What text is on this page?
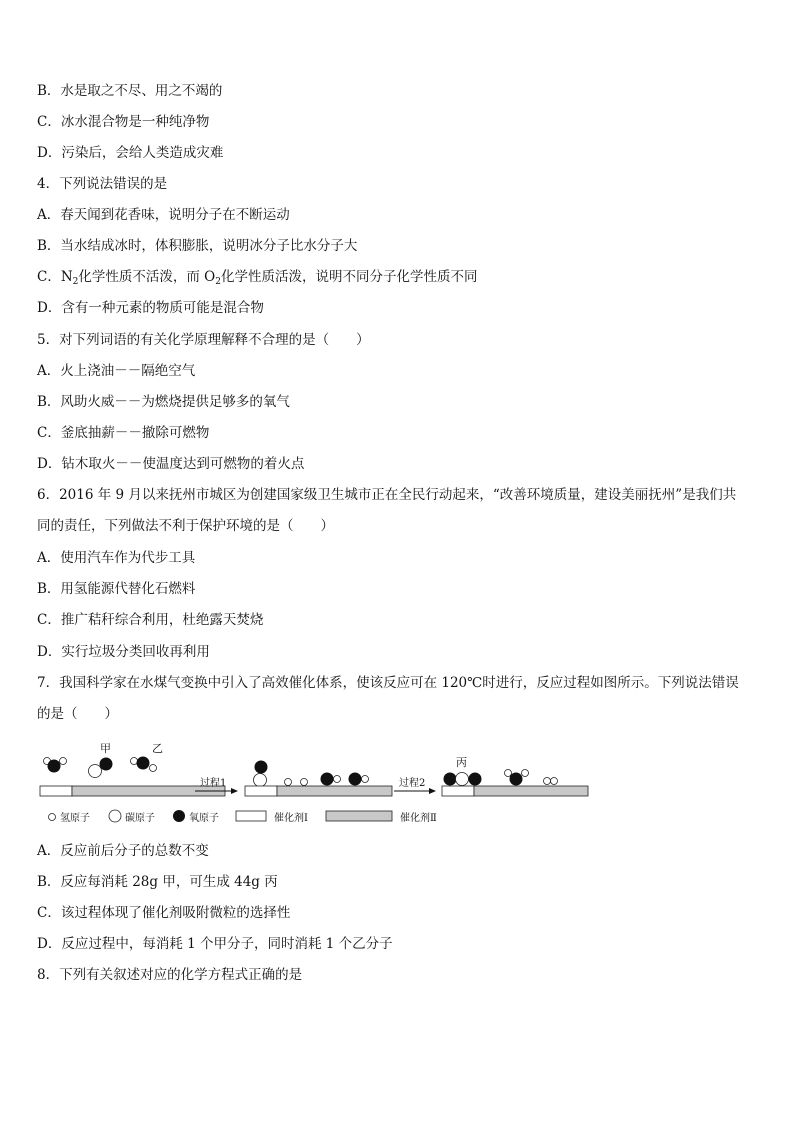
B．水是取之不尽、用之不竭的
C．冰水混合物是一种纯净物
D．污染后，会给人类造成灾难
4．下列说法错误的是
A．春天闻到花香味，说明分子在不断运动
B．当水结成冰时，体积膨胀，说明冰分子比水分子大
C．$N_2$化学性质不活泼，而 $O_2$化学性质活泼，说明不同分子化学性质不同
D．含有一种元素的物质可能是混合物
5．对下列词语的有关化学原理解释不合理的是（　　）
A．火上浇油－－隔绝空气
B．风助火威－－为燃烧提供足够多的氧气
C．釜底抽薪－－撤除可燃物
D．钻木取火－－使温度达到可燃物的着火点
6．2016 年 9 月以来抚州市城区为创建国家级卫生城市正在全民行动起来，“改善环境质量，建设美丽抚州”是我们共
同的责任，下列做法不利于保护环境的是（　　）
A．使用汽车作为代步工具
B．用氢能源代替化石燃料
C．推广秸秆综合利用，杜绝露天焚烧
D．实行垃圾分类回收再利用
7．我国科学家在水煤气变换中引入了高效催化体系，使该反应可在 120℃时进行，反应过程如图所示。下列说法错误
的是（　　）
甲	乙
过程1	过程2
丙
氢原子	碳原子	氧原子	催化剂Ⅰ	催化剂Ⅱ
A．反应前后分子的总数不变
B．反应每消耗 28g 甲，可生成 44g 丙
C．该过程体现了催化剂吸附微粒的选择性
D．反应过程中，每消耗 1 个甲分子，同时消耗 1 个乙分子
8．下列有关叙述对应的化学方程式正确的是
